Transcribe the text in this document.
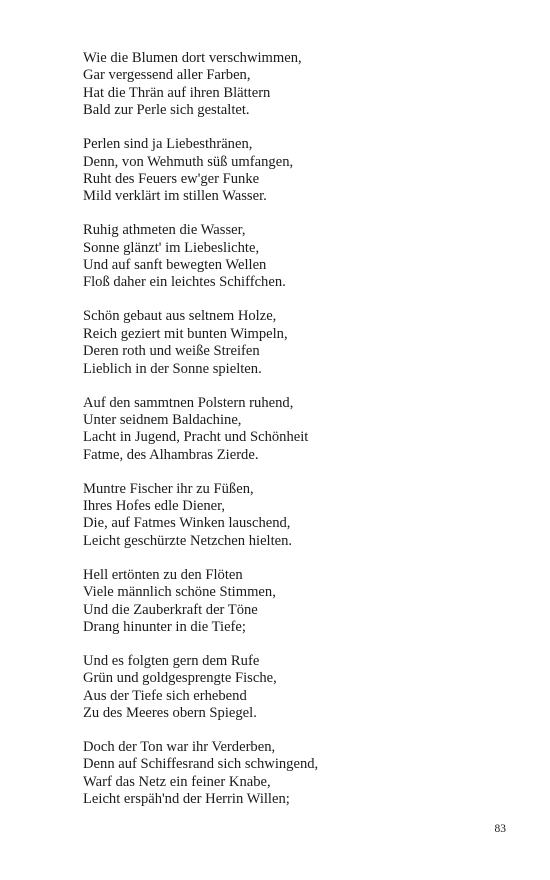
Wie die Blumen dort verschwimmen,
Gar vergessend aller Farben,
Hat die Thrän auf ihren Blättern
Bald zur Perle sich gestaltet.
Perlen sind ja Liebesthränen,
Denn, von Wehmuth süß umfangen,
Ruht des Feuers ew'ger Funke
Mild verklärt im stillen Wasser.
Ruhig athmeten die Wasser,
Sonne glänzt' im Liebeslichte,
Und auf sanft bewegten Wellen
Floß daher ein leichtes Schiffchen.
Schön gebaut aus seltnem Holze,
Reich geziert mit bunten Wimpeln,
Deren roth und weiße Streifen
Lieblich in der Sonne spielten.
Auf den sammtnen Polstern ruhend,
Unter seidnem Baldachine,
Lacht in Jugend, Pracht und Schönheit
Fatme, des Alhambras Zierde.
Muntre Fischer ihr zu Füßen,
Ihres Hofes edle Diener,
Die, auf Fatmes Winken lauschend,
Leicht geschürzte Netzchen hielten.
Hell ertönten zu den Flöten
Viele männlich schöne Stimmen,
Und die Zauberkraft der Töne
Drang hinunter in die Tiefe;
Und es folgten gern dem Rufe
Grün und goldgesprengte Fische,
Aus der Tiefe sich erhebend
Zu des Meeres obern Spiegel.
Doch der Ton war ihr Verderben,
Denn auf Schiffesrand sich schwingend,
Warf das Netz ein feiner Knabe,
Leicht erspäh'nd der Herrin Willen;
83
